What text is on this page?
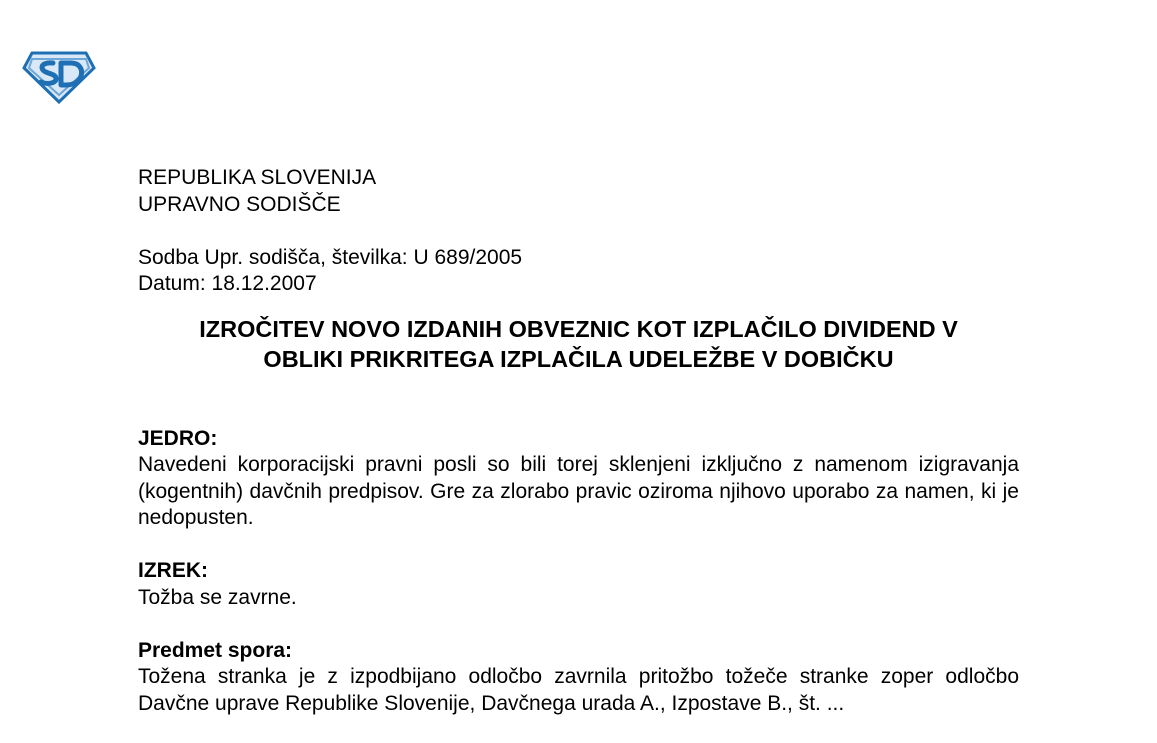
REPUBLIKA SLOVENIJA
UPRAVNO SODIŠČE
Sodba Upr. sodišča, številka: U 689/2005
Datum: 18.12.2007
IZROČITEV NOVO IZDANIH OBVEZNIC KOT IZPLAČILO DIVIDEND V
OBLIKI PRIKRITEGA IZPLAČILA UDELEŽBE V DOBIČKU
JEDRO:
Navedeni korporacijski pravni posli so bili torej sklenjeni izključno z namenom izigravanja (kogentnih) davčnih predpisov. Gre za zlorabo pravic oziroma njihovo uporabo za namen, ki je nedopusten.
IZREK:
Tožba se zavrne.
Predmet spora:
Tožena stranka je z izpodbijano odločbo zavrnila pritožbo tožeče stranke zoper odločbo Davčne uprave Republike Slovenije, Davčnega urada A., Izpostave B., št. ...
